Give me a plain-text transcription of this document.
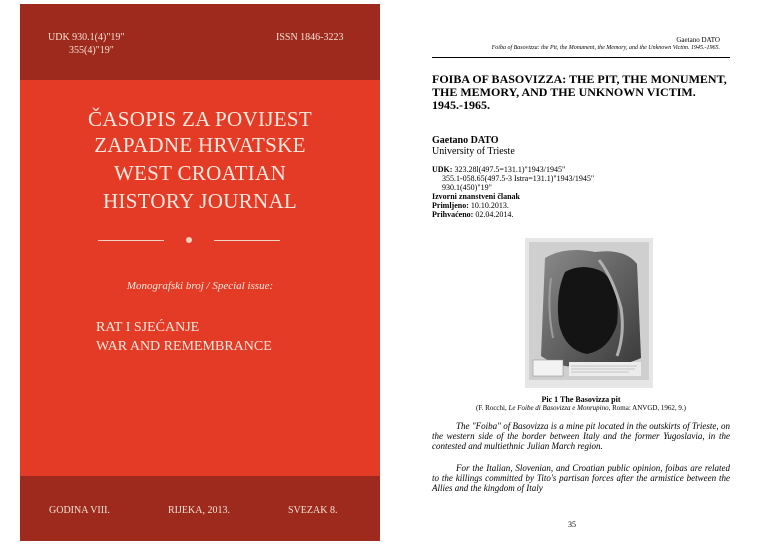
UDK 930.1(4)"19"
355(4)"19"
ISSN 1846-3223
ČASOPIS ZA POVIJEST
ZAPADNE HRVATSKE
WEST CROATIAN
HISTORY JOURNAL
Monografski broj / Special issue:
RAT I SJEĆANJE
WAR AND REMEMBRANCE
GODINA VIII.	RIJEKA, 2013.	SVEZAK 8.
Gaetano DATO
Foiba of Basovizza: the Pit, the Monument, the Memory, and the Unknown Victim. 1945.-1965.
FOIBA OF BASOVIZZA: THE PIT, THE MONUMENT, THE MEMORY, AND THE UNKNOWN VICTIM. 1945.-1965.
Gaetano DATO
University of Trieste
UDK: 323.28l(497.5=131.1)"1943/1945"
355.1-058.65(497.5-3 Istra=131.1)"1943/1945"
930.1(450)"19"
Izvorni znanstveni članak
Primljeno: 10.10.2013.
Prihvaćeno: 02.04.2014.
Pic 1 The Basovizza pit
(F. Rocchi, Le Foibe di Basovizza e Monrupino, Roma: ANVGD, 1962, 9.)
The "Foiba" of Basovizza is a mine pit located in the outskirts of Trieste, on the western side of the border between Italy and the former Yugoslavia, in the contested and multiethnic Julian March region.
For the Italian, Slovenian, and Croatian public opinion, foibas are related to the killings committed by Tito's partisan forces after the armistice between the Allies and the kingdom of Italy
35
